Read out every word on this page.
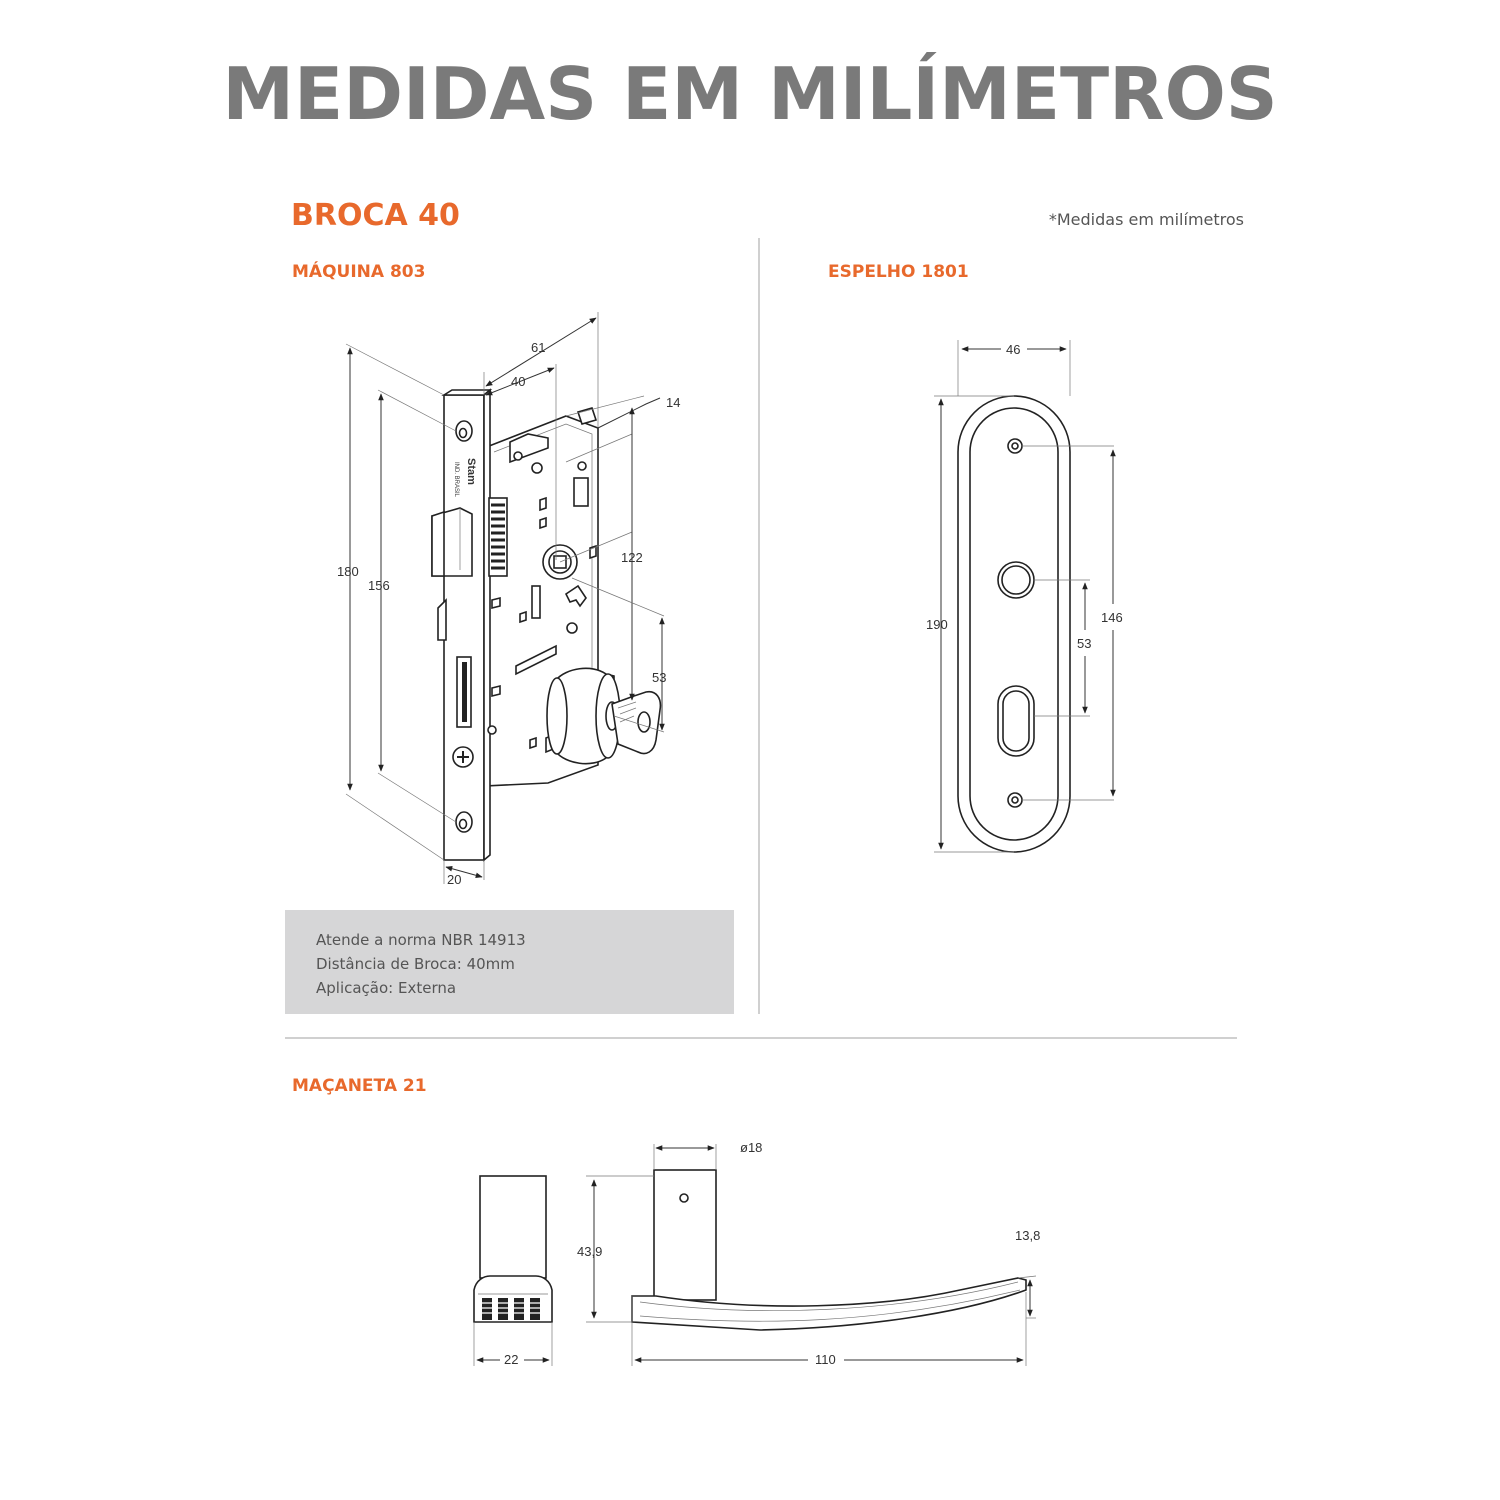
MEDIDAS EM MILÍMETROS

BROCA 40	*Medidas em milímetros

MÁQUINA 803	ESPELHO 1801

MAÇANETA 21

Atende a norma NBR 14913
Distância de Broca: 40mm
Aplicação: Externa
Stam
IND. BRASIL
61
40
14
180
156
122
53
20
46
190	146
53
ø18
43,9
13,8
22	110
